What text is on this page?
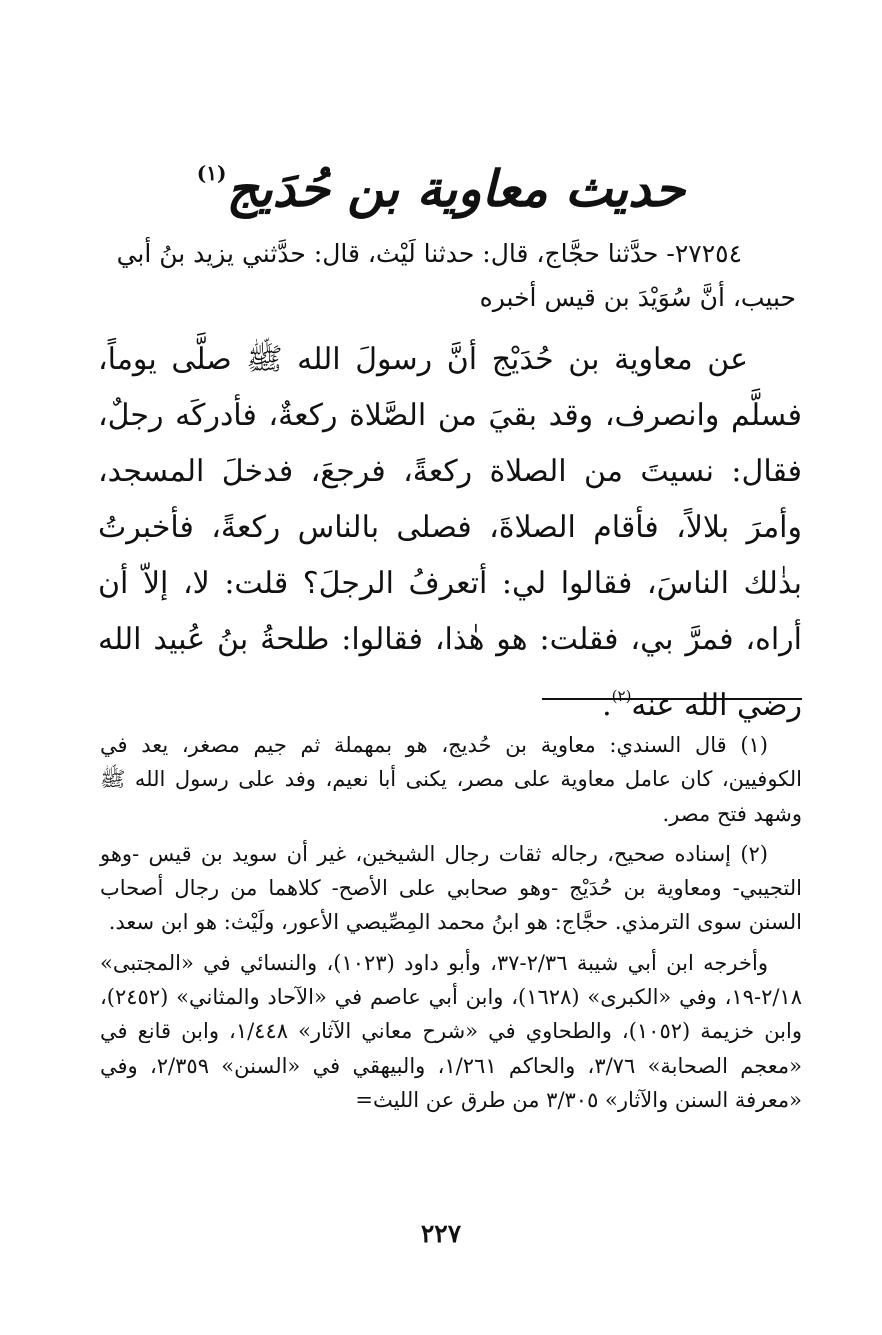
حديث معاوية بن حُدَيج$^{(١)}$

٢٧٢٥٤- حدَّثنا حجَّاج، قال: حدثنا لَيْث، قال: حدَّثني يزيد بنُ أبي

حبيب، أنَّ سُوَيْدَ بن قيس أخبره

عن معاوية بن حُدَيْج أنَّ رسولَ الله ﷺ صلَّى يوماً، فسلَّم وانصرف، وقد بقيَ من الصَّلاة ركعةٌ، فأدركَه رجلٌ، فقال: نسيتَ من الصلاة ركعةً، فرجعَ، فدخلَ المسجد، وأمرَ بلالاً، فأقام الصلاةَ، فصلى بالناس ركعةً، فأخبرتُ بذٰلك الناسَ، فقالوا لي: أتعرفُ الرجلَ؟ قلت: لا، إلاّ أن أراه، فمرَّ بي، فقلت: هو هٰذا، فقالوا: طلحةُ بنُ عُبيد الله رضي الله عنه$^{(٢)}$.

(١) قال السندي: معاوية بن حُديج، هو بمهملة ثم جيم مصغر، يعد في الكوفيين، كان عامل معاوية على مصر، يكنى أبا نعيم، وفد على رسول الله ﷺ وشهد فتح مصر.

(٢) إسناده صحيح، رجاله ثقات رجال الشيخين، غير أن سويد بن قيس -وهو التجيبي- ومعاوية بن حُدَيْج -وهو صحابي على الأصح- كلاهما من رجال أصحاب السنن سوى الترمذي. حجَّاج: هو ابنُ محمد المِصِّيصي الأعور، ولَيْث: هو ابن سعد.

وأخرجه ابن أبي شيبة ٢/٣٦-٣٧، وأبو داود (١٠٢٣)، والنسائي في «المجتبى» ٢/١٨-١٩، وفي «الكبرى» (١٦٢٨)، وابن أبي عاصم في «الآحاد والمثاني» (٢٤٥٢)، وابن خزيمة (١٠٥٢)، والطحاوي في «شرح معاني الآثار» ١/٤٤٨، وابن قانع في «معجم الصحابة» ٣/٧٦، والحاكم ١/٢٦١، والبيهقي في «السنن» ٢/٣٥٩، وفي «معرفة السنن والآثار» ٣/٣٠٥ من طرق عن الليث=

٢٢٧
